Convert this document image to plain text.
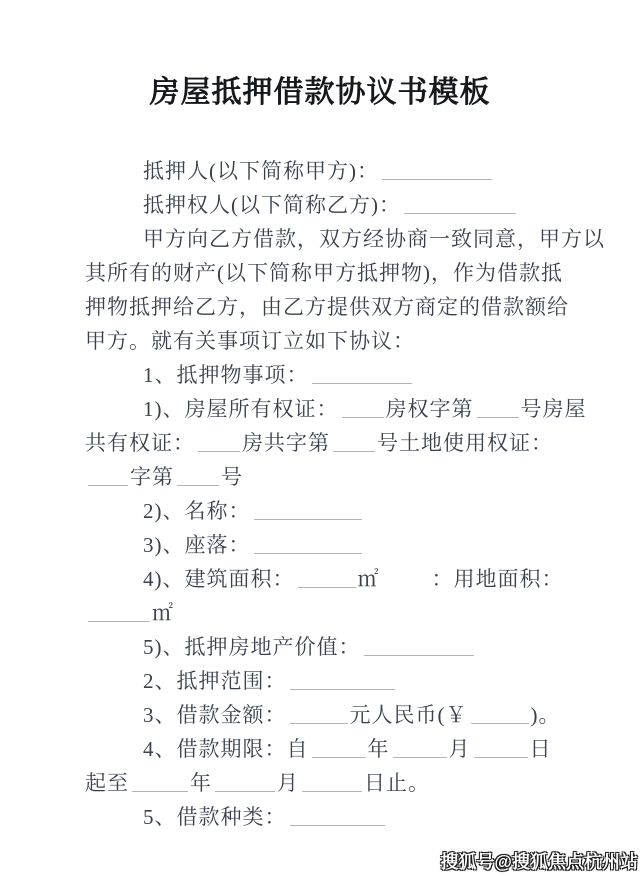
房屋抵押借款协议书模板
抵押人(以下简称甲方)：
抵押权人(以下简称乙方)：
甲方向乙方借款，双方经协商一致同意，甲方以
其所有的财产(以下简称甲方抵押物)，作为借款抵
押物抵押给乙方，由乙方提供双方商定的借款额给
甲方。就有关事项订立如下协议：
1、抵押物事项：
1)、房屋所有权证： 房权字第 号房屋
共有权证： 房共字第 号土地使用权证：
字第 号
2)、名称：
3)、座落：
4)、建筑面积：	㎡ ：用地面积：
㎡
5)、抵押房地产价值：
2、抵押范围：
3、借款金额：	元人民币(￥	)。
4、借款期限：自	年	月	日
起至	年	月	日止。
5、借款种类：
搜狐号@搜狐焦点杭州站
